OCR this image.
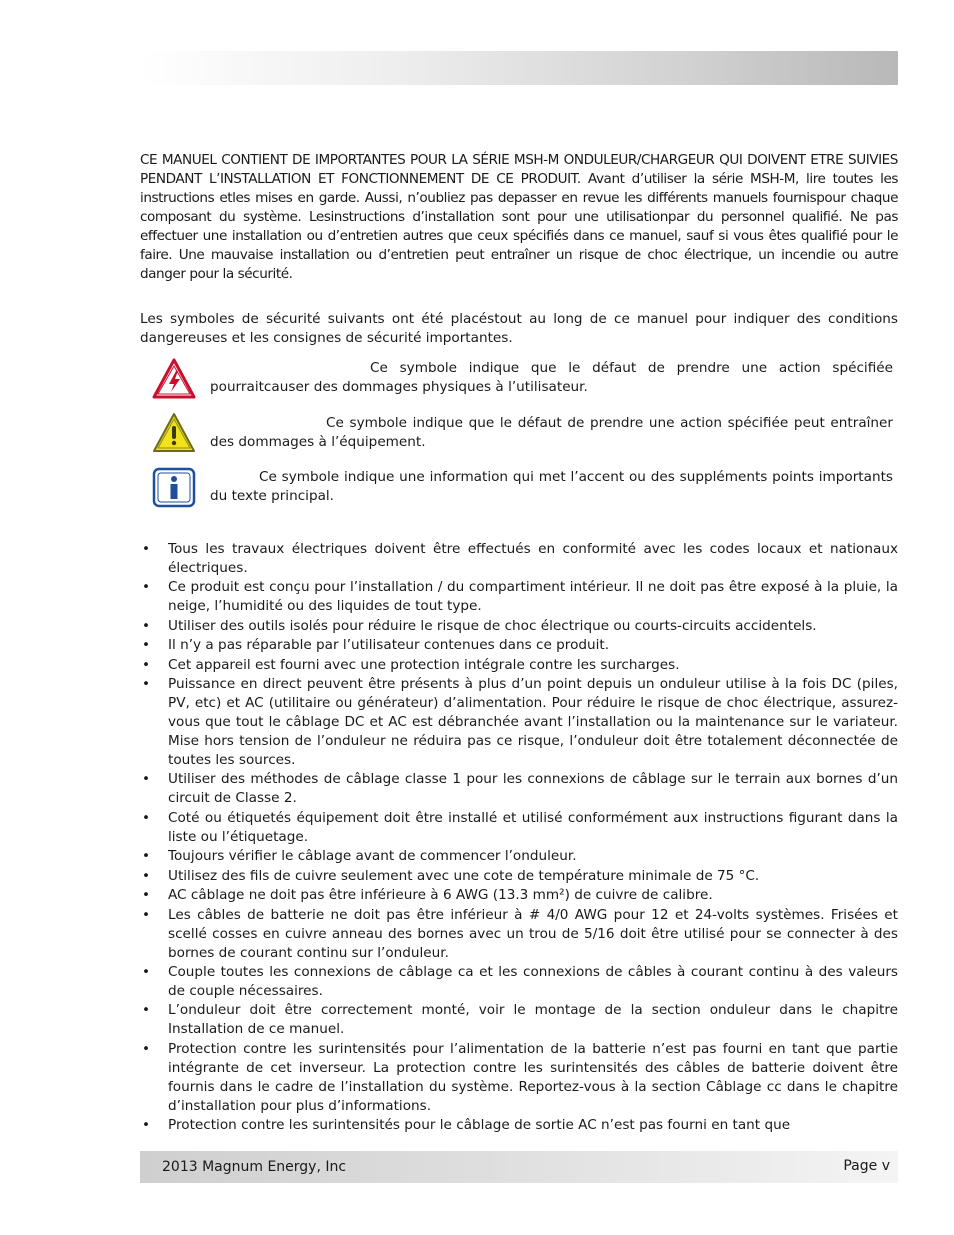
CE MANUEL CONTIENT DE IMPORTANTES POUR LA SÉRIE MSH-M ONDULEUR/CHARGEUR QUI DOIVENT ETRE SUIVIES PENDANT L’INSTALLATION ET FONCTIONNEMENT DE CE PRODUIT. Avant d’utiliser la série MSH-M, lire toutes les instructions etles mises en garde. Aussi, n’oubliez pas depasser en revue les différents manuels fournispour chaque composant du système. Lesinstructions d’installation sont pour une utilisationpar du personnel qualifié. Ne pas effectuer une installation ou d’entretien autres que ceux spécifiés dans ce manuel, sauf si vous êtes qualifié pour le faire. Une mauvaise installation ou d’entretien peut entraîner un risque de choc électrique, un incendie ou autre danger pour la sécurité.

Les symboles de sécurité suivants ont été placéstout au long de ce manuel pour indiquer des conditions dangereuses et les consignes de sécurité importantes.

Ce symbole indique que le défaut de prendre une action spécifiée pourraitcauser des dommages physiques à l’utilisateur.

Ce symbole indique que le défaut de prendre une action spécifiée peut entraîner des dommages à l’équipement.

Ce symbole indique une information qui met l’accent ou des suppléments points importants du texte principal.

• Tous les travaux électriques doivent être effectués en conformité avec les codes locaux et nationaux électriques.
• Ce produit est conçu pour l’installation / du compartiment intérieur. Il ne doit pas être exposé à la pluie, la neige, l’humidité ou des liquides de tout type.
• Utiliser des outils isolés pour réduire le risque de choc électrique ou courts-circuits accidentels.
• Il n’y a pas réparable par l’utilisateur contenues dans ce produit.
• Cet appareil est fourni avec une protection intégrale contre les surcharges.
• Puissance en direct peuvent être présents à plus d’un point depuis un onduleur utilise à la fois DC (piles, PV, etc) et AC (utilitaire ou générateur) d’alimentation. Pour réduire le risque de choc électrique, assurez-vous que tout le câblage DC et AC est débranchée avant l’installation ou la maintenance sur le variateur. Mise hors tension de l’onduleur ne réduira pas ce risque, l’onduleur doit être totalement déconnectée de toutes les sources.
• Utiliser des méthodes de câblage classe 1 pour les connexions de câblage sur le terrain aux bornes d’un circuit de Classe 2.
• Coté ou étiquetés équipement doit être installé et utilisé conformément aux instructions figurant dans la liste ou l’étiquetage.
• Toujours vérifier le câblage avant de commencer l’onduleur.
• Utilisez des fils de cuivre seulement avec une cote de température minimale de 75 °C.
• AC câblage ne doit pas être inférieure à 6 AWG (13.3 mm²) de cuivre de calibre.
• Les câbles de batterie ne doit pas être inférieur à # 4/0 AWG pour 12 et 24-volts systèmes. Frisées et scellé cosses en cuivre anneau des bornes avec un trou de 5/16 doit être utilisé pour se connecter à des bornes de courant continu sur l’onduleur.
• Couple toutes les connexions de câblage ca et les connexions de câbles à courant continu à des valeurs de couple nécessaires.
• L’onduleur doit être correctement monté, voir le montage de la section onduleur dans le chapitre Installation de ce manuel.
• Protection contre les surintensités pour l’alimentation de la batterie n’est pas fourni en tant que partie intégrante de cet inverseur. La protection contre les surintensités des câbles de batterie doivent être fournis dans le cadre de l’installation du système. Reportez-vous à la section Câblage cc dans le chapitre d’installation pour plus d’informations.
• Protection contre les surintensités pour le câblage de sortie AC n’est pas fourni en tant que
2013 Magnum Energy, Inc	Page v
